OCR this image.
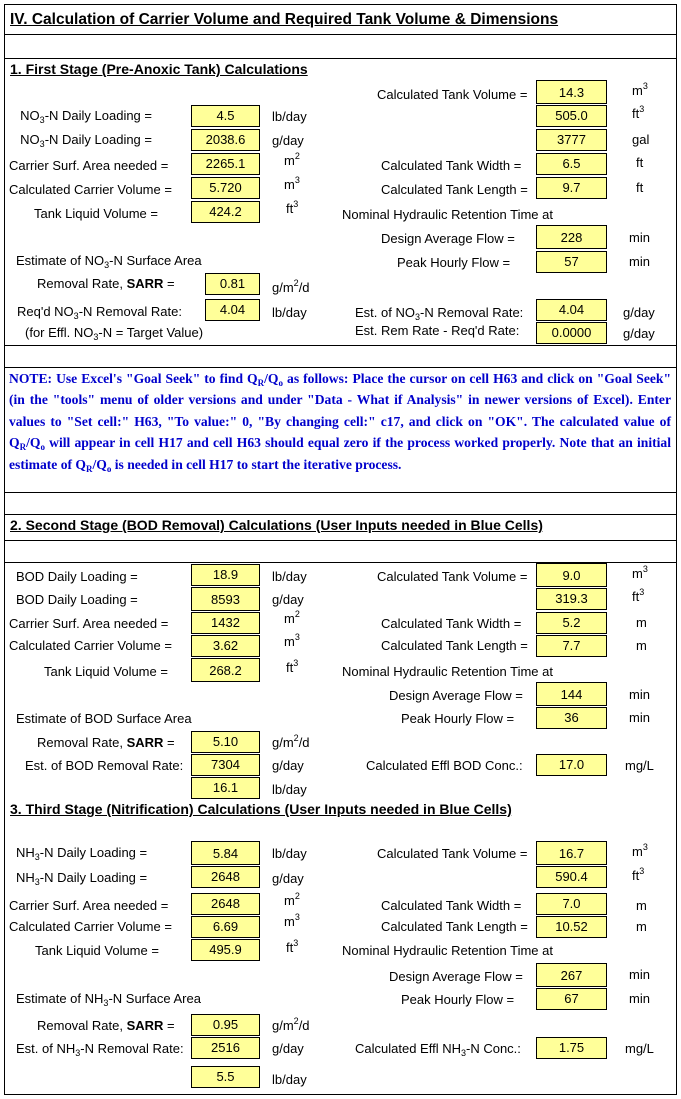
IV. Calculation of Carrier Volume and Required Tank Volume & Dimensions
1. First Stage (Pre-Anoxic Tank) Calculations
$NO_3-N$ Daily Loading =	4.5	lb/day
$NO_3-N$ Daily Loading =	2038.6	g/day
Carrier Surf. Area needed =	2265.1	$m^2$
Calculated Carrier Volume =	5.720	$m^3$
Tank Liquid Volume =	424.2	$ft^3$
Estimate of $NO_3-N$ Surface Area
Removal Rate, SARR =	0.81	$g/m^2/d$
Req'd $NO_3-N$ Removal Rate:	4.04	lb/day
(for Effl. $NO_3-N$ = Target Value)
Calculated Tank Volume =	14.3	$m^3$
505.0	$ft^3$
3777	gal
Calculated Tank Width =	6.5	ft
Calculated Tank Length =	9.7	ft
Nominal Hydraulic Retention Time at
Design Average Flow =	228	min
Peak Hourly Flow =	57	min
Est. of $NO_3-N$ Removal Rate:	4.04	g/day
Est. Rem Rate - Req'd Rate:	0.0000	g/day
NOTE: Use Excel's "Goal Seek" to find $Q_R/Q_o$ as follows: Place the cursor on cell H63 and click on "Goal Seek" (in the "tools" menu of older versions and under "Data - What if Analysis" in newer versions of Excel). Enter values to "Set cell:" H63, "To value:" 0, "By changing cell:" c17, and click on "OK". The calculated value of $Q_R/Q_o$ will appear in cell H17 and cell H63 should equal zero if the process worked properly. Note that an initial estimate of $Q_R/Q_o$ is needed in cell H17 to start the iterative process.
2. Second Stage (BOD Removal) Calculations (User Inputs needed in Blue Cells)
BOD Daily Loading =	18.9	lb/day
BOD Daily Loading =	8593	g/day
Carrier Surf. Area needed =	1432	$m^2$
Calculated Carrier Volume =	3.62	$m^3$
Tank Liquid Volume =	268.2	$ft^3$
Estimate of BOD Surface Area
Removal Rate, SARR =	5.10	$g/m^2/d$
Est. of BOD Removal Rate:	7304	g/day
16.1	lb/day
Calculated Tank Volume =	9.0	$m^3$
319.3	$ft^3$
Calculated Tank Width =	5.2	m
Calculated Tank Length =	7.7	m
Nominal Hydraulic Retention Time at
Design Average Flow =	144	min
Peak Hourly Flow =	36	min
Calculated Effl BOD Conc.:	17.0	mg/L
3. Third Stage (Nitrification) Calculations (User Inputs needed in Blue Cells)
$NH_3-N$ Daily Loading =	5.84	lb/day
$NH_3-N$ Daily Loading =	2648	g/day
Carrier Surf. Area needed =	2648	$m^2$
Calculated Carrier Volume =	6.69	$m^3$
Tank Liquid Volume =	495.9	$ft^3$
Estimate of $NH_3-N$ Surface Area
Removal Rate, SARR =	0.95	$g/m^2/d$
Est. of $NH_3-N$ Removal Rate:	2516	g/day
5.5	lb/day
Calculated Tank Volume =	16.7	$m^3$
590.4	$ft^3$
Calculated Tank Width =	7.0	m
Calculated Tank Length =	10.52	m
Nominal Hydraulic Retention Time at
Design Average Flow =	267	min
Peak Hourly Flow =	67	min
Calculated Effl $NH_3-N$ Conc.:	1.75	mg/L
